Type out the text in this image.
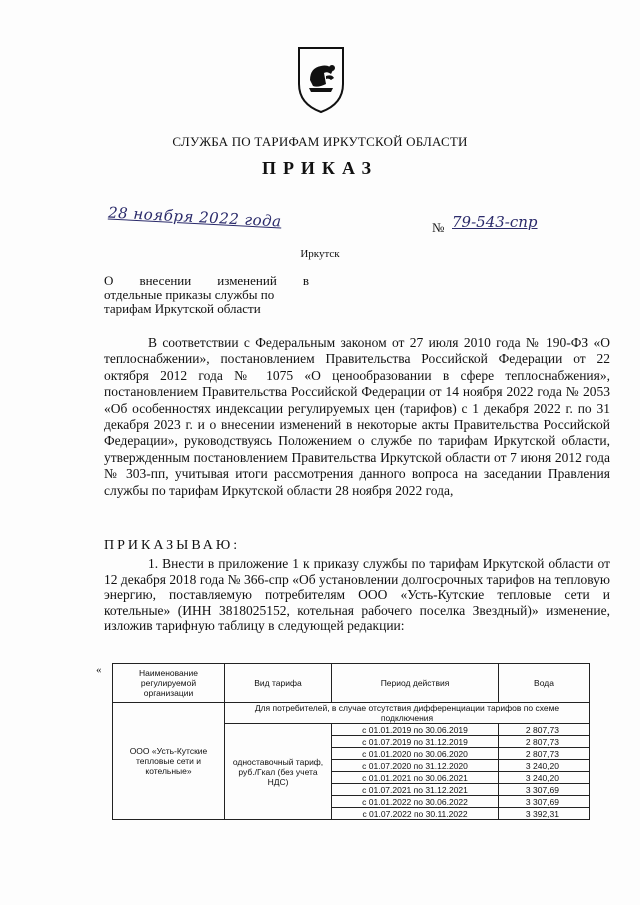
СЛУЖБА ПО ТАРИФАМ ИРКУТСКОЙ ОБЛАСТИ
ПРИКАЗ
28 ноября 2022 года	№ 79-543-спр
Иркутск
О внесении изменений в
отдельные приказы службы по
тарифам Иркутской области

В соответствии с Федеральным законом от 27 июля 2010 года № 190-ФЗ «О теплоснабжении», постановлением Правительства Российской Федерации от 22 октября 2012 года № 1075 «О ценообразовании в сфере теплоснабжения», постановлением Правительства Российской Федерации от 14 ноября 2022 года № 2053 «Об особенностях индексации регулируемых цен (тарифов) с 1 декабря 2022 г. по 31 декабря 2023 г. и о внесении изменений в некоторые акты Правительства Российской Федерации», руководствуясь Положением о службе по тарифам Иркутской области, утвержденным постановлением Правительства Иркутской области от 7 июня 2012 года № 303-пп, учитывая итоги рассмотрения данного вопроса на заседании Правления службы по тарифам Иркутской области 28 ноября 2022 года,

ПРИКАЗЫВАЮ:
1. Внести в приложение 1 к приказу службы по тарифам Иркутской области от 12 декабря 2018 года № 366-спр «Об установлении долгосрочных тарифов на тепловую энергию, поставляемую потребителям ООО «Усть-Кутские тепловые сети и котельные» (ИНН 3818025152, котельная рабочего поселка Звездный)» изменение, изложив тарифную таблицу в следующей редакции:
«	Наименование регулируемой организации	Вид тарифа	Период действия	Вода
ООО «Усть-Кутские тепловые сети и котельные»	Для потребителей, в случае отсутствия дифференциации тарифов по схеме подключения		
	одноставочный тариф, руб./Гкал (без учета НДС)	с 01.01.2019 по 30.06.2019	2 807,73
		с 01.07.2019 по 31.12.2019	2 807,73
		с 01.01.2020 по 30.06.2020	2 807,73
		с 01.07.2020 по 31.12.2020	3 240,20
		с 01.01.2021 по 30.06.2021	3 240,20
		с 01.07.2021 по 31.12.2021	3 307,69
		с 01.01.2022 по 30.06.2022	3 307,69
		с 01.07.2022 по 30.11.2022	3 392,31
